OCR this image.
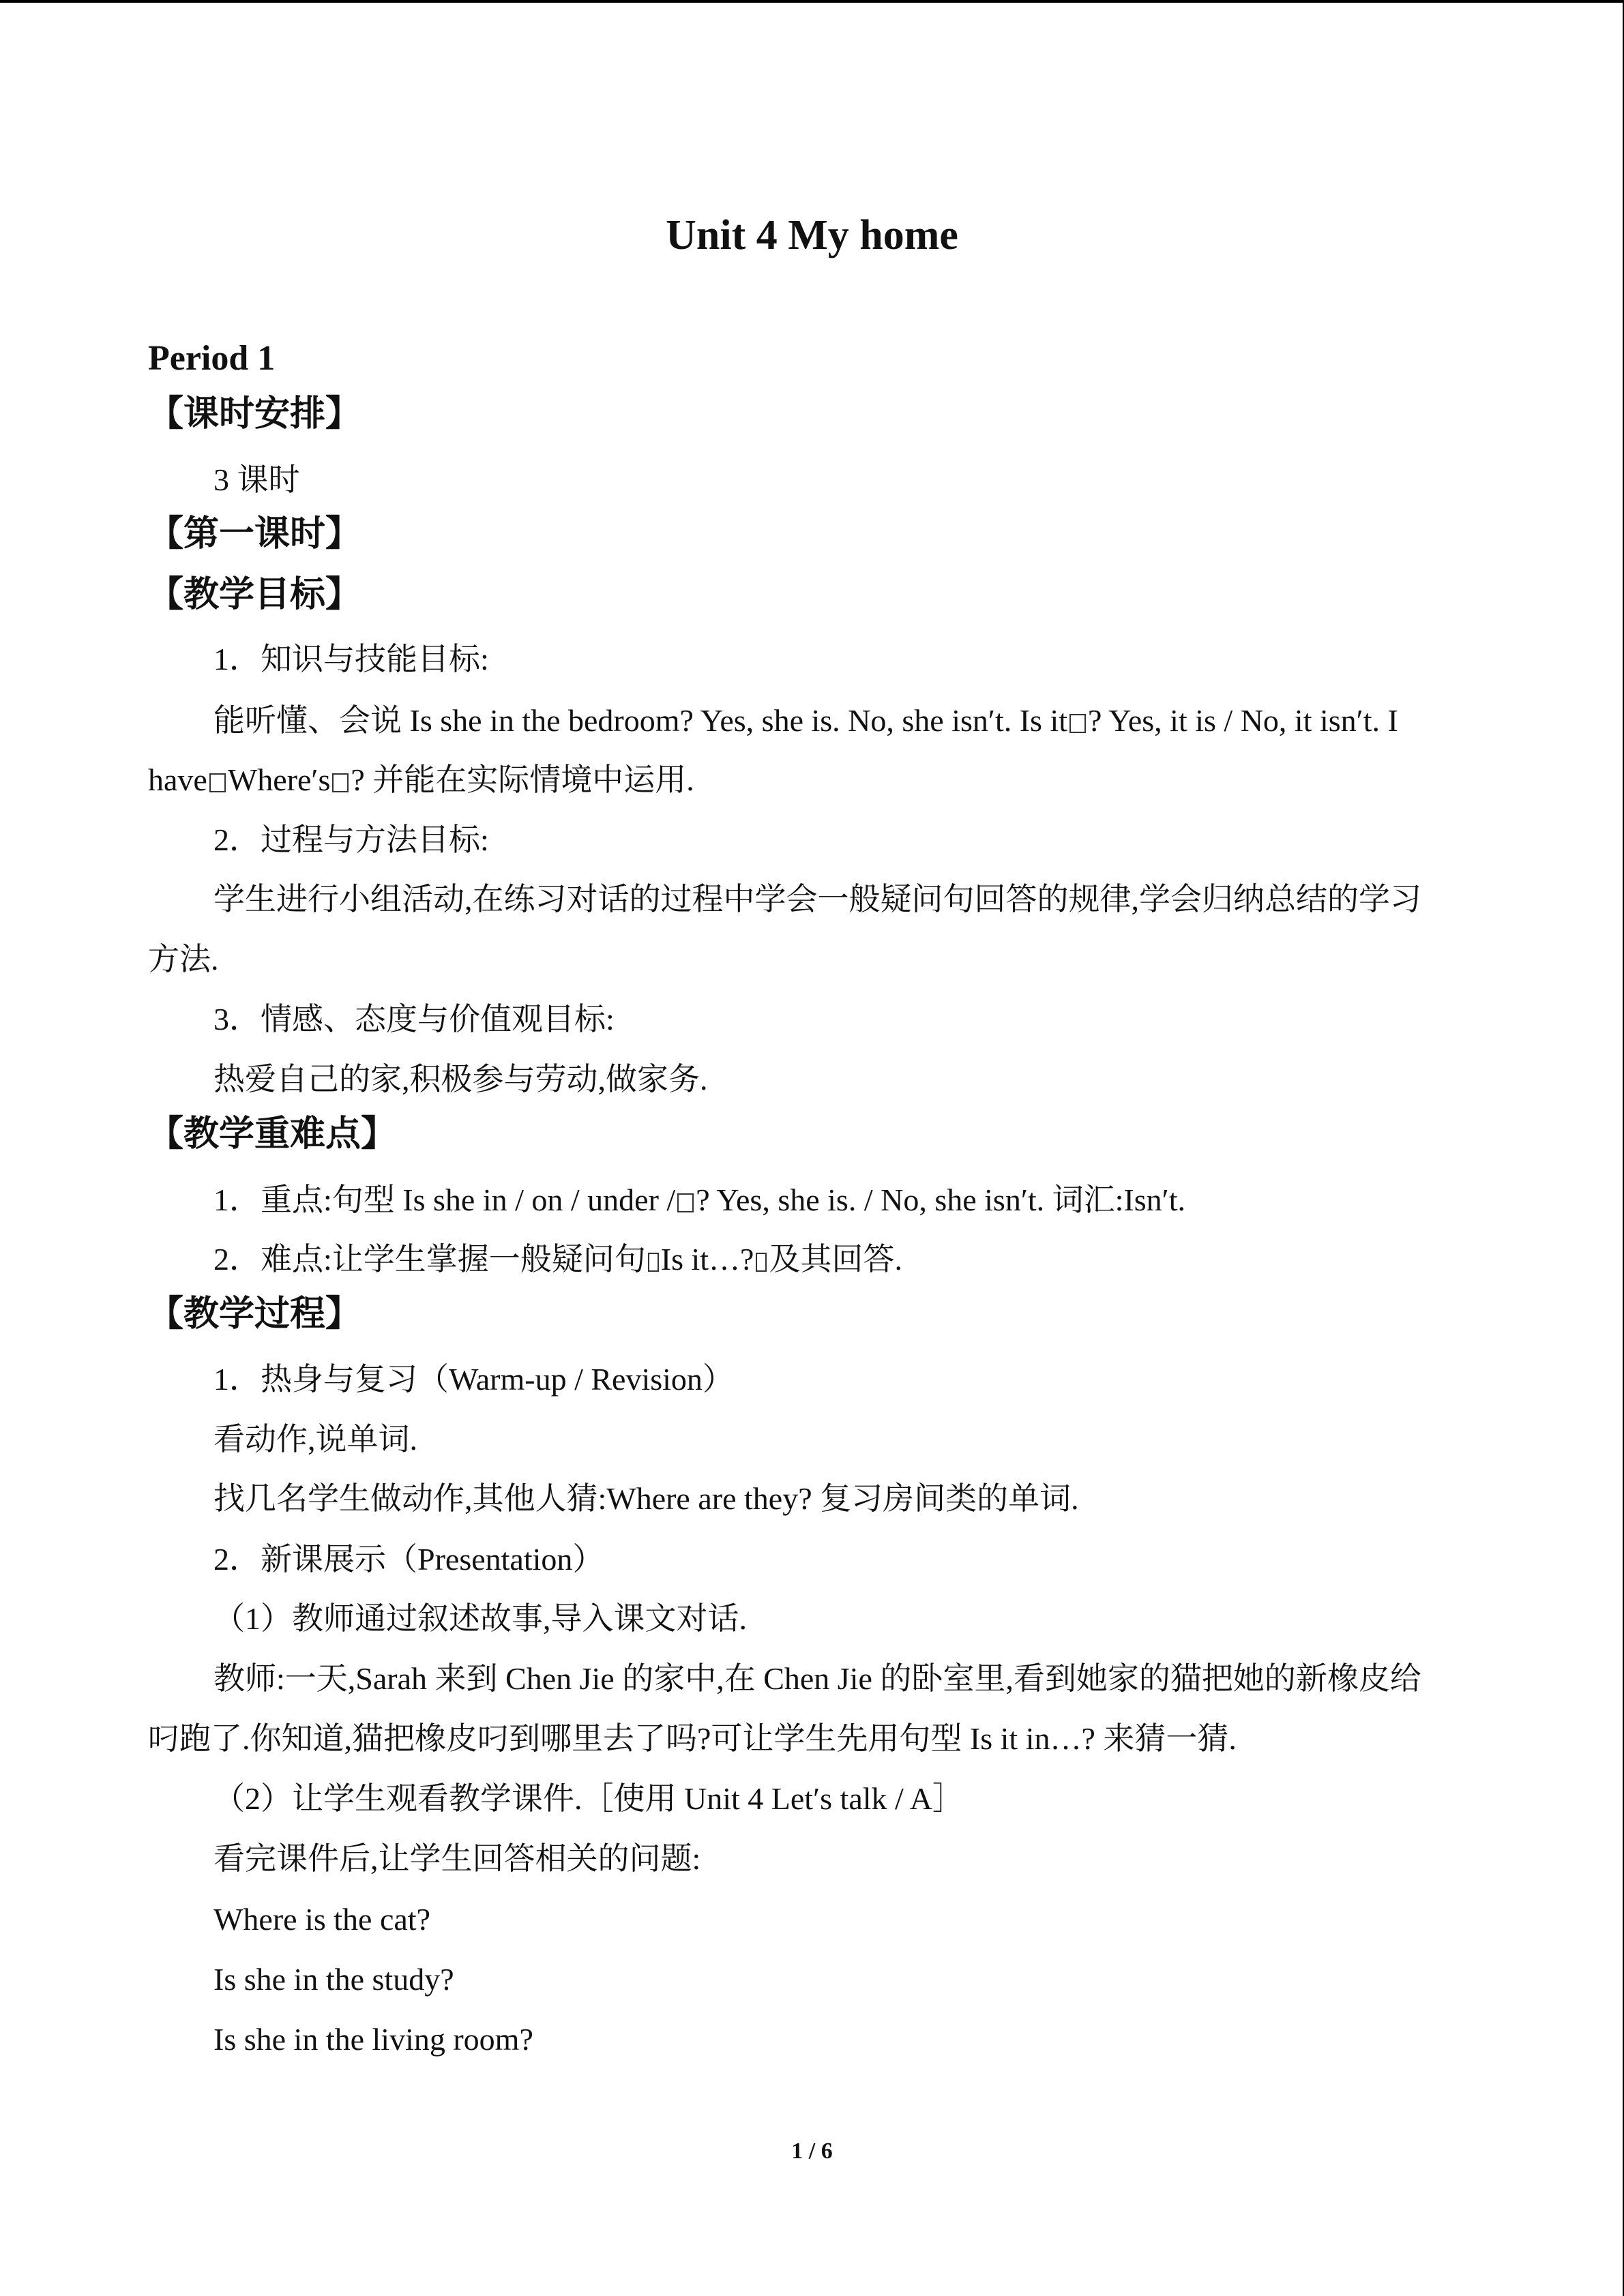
Unit 4 My home
Period 1
【课时安排】
3 课时
【第一课时】
【教学目标】
1．知识与技能目标:
能听懂、会说 Is she in the bedroom? Yes, she is. No, she isn′t. Is it ? Yes, it is / No, it isn′t. I
have Where′s ? 并能在实际情境中运用.
2．过程与方法目标:
学生进行小组活动,在练习对话的过程中学会一般疑问句回答的规律,学会归纳总结的学习
方法.
3．情感、态度与价值观目标:
热爱自己的家,积极参与劳动,做家务.
【教学重难点】
1．重点:句型 Is she in / on / under / ? Yes, she is. / No, she isn′t. 词汇:Isn′t.
2．难点:让学生掌握一般疑问句 Is it…? 及其回答.
【教学过程】
1．热身与复习（Warm-up / Revision）
看动作,说单词.
找几名学生做动作,其他人猜:Where are they? 复习房间类的单词.
2．新课展示（Presentation）
（1）教师通过叙述故事,导入课文对话.
教师:一天,Sarah 来到 Chen Jie 的家中,在 Chen Jie 的卧室里,看到她家的猫把她的新橡皮给
叼跑了.你知道,猫把橡皮叼到哪里去了吗?可让学生先用句型 Is it in…? 来猜一猜.
（2）让学生观看教学课件.［使用 Unit 4 Let′s talk / A］
看完课件后,让学生回答相关的问题:
Where is the cat?
Is she in the study?
Is she in the living room?
1 / 6
